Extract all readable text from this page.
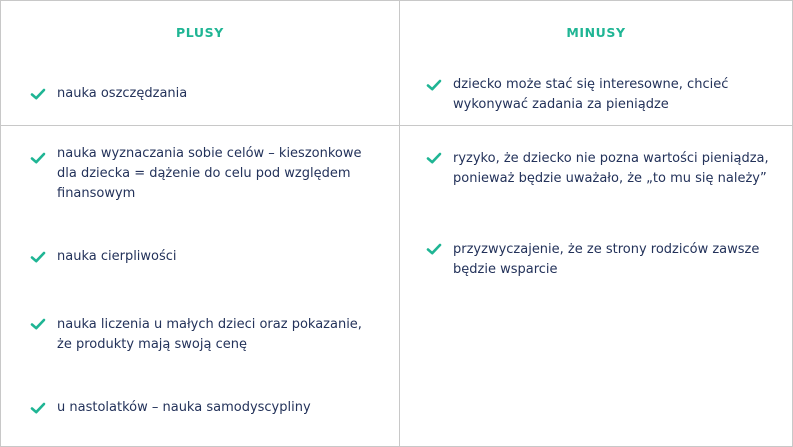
PLUSY
nauka oszczędzania
nauka wyznaczania sobie celów – kieszonkowe dla dziecka = dążenie do celu pod względem finansowym
nauka cierpliwości
nauka liczenia u małych dzieci oraz pokazanie, że produkty mają swoją cenę
u nastolatków – nauka samodyscypliny
MINUSY
dziecko może stać się interesowne, chcieć wykonywać zadania za pieniądze
ryzyko, że dziecko nie pozna wartości pieniądza, ponieważ będzie uważało, że „to mu się należy”
przyzwyczajenie, że ze strony rodziców zawsze będzie wsparcie
